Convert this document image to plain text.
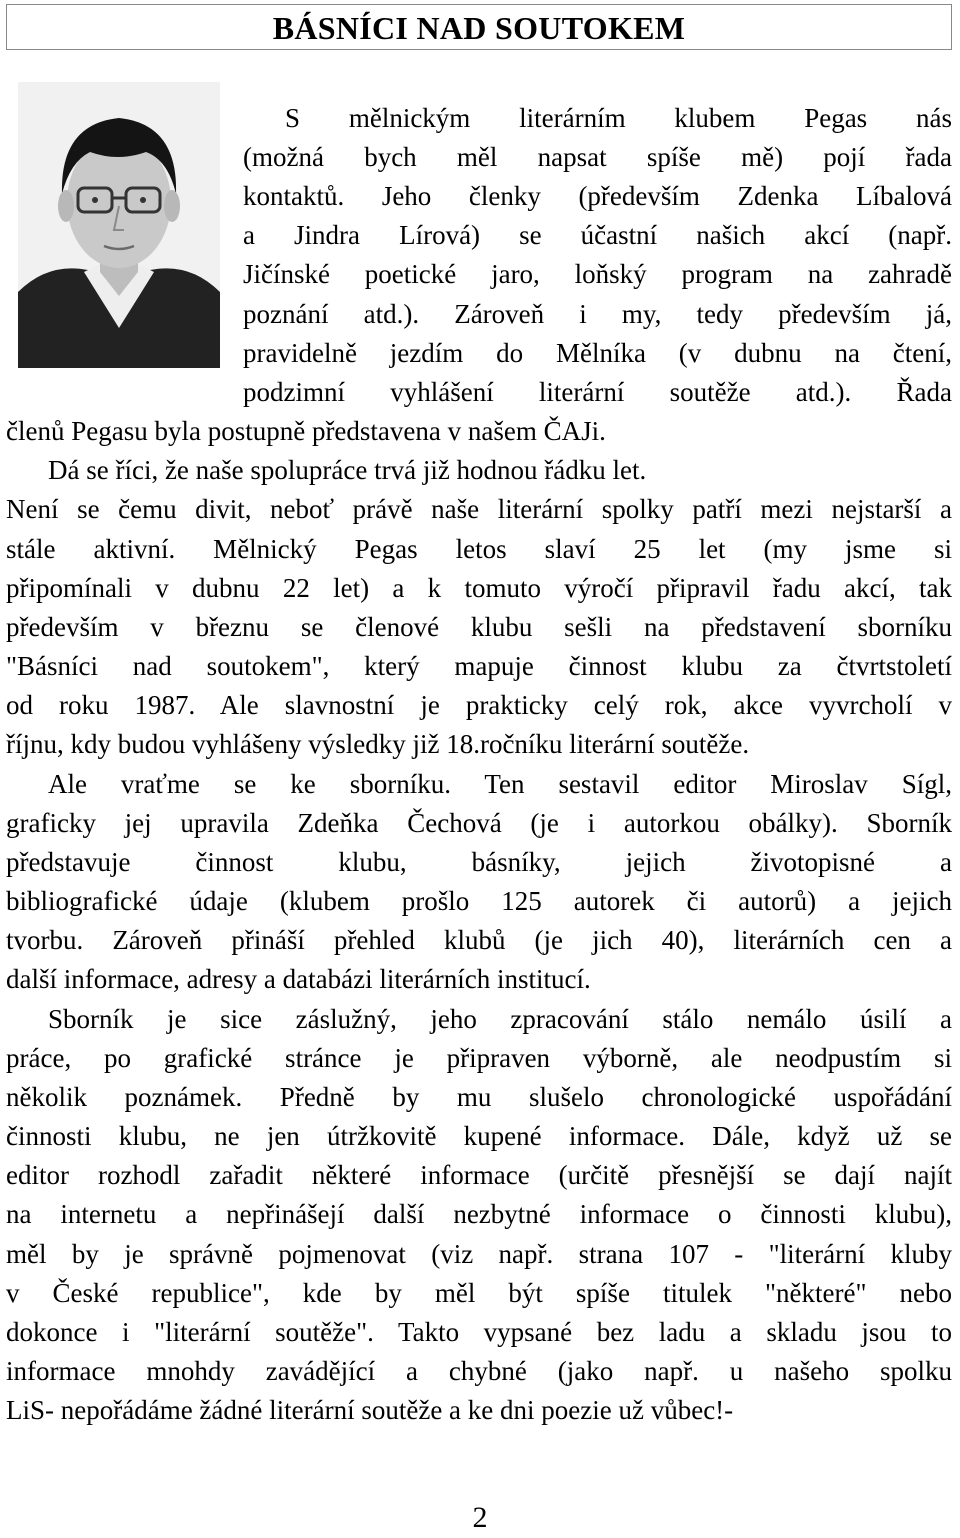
BÁSNÍCI NAD SOUTOKEM
S mělnickým literárním klubem Pegas nás
(možná bych měl napsat spíše mě) pojí řada
kontaktů. Jeho členky (především Zdenka Líbalová
a Jindra Lírová) se účastní našich akcí (např.
Jičínské poetické jaro, loňský program na zahradě
poznání atd.). Zároveň i my, tedy především já,
pravidelně jezdím do Mělníka (v dubnu na čtení,
podzimní vyhlášení literární soutěže atd.). Řada
členů Pegasu byla postupně představena v našem ČAJi.
Dá se říci, že naše spolupráce trvá již hodnou řádku let.
Není se čemu divit, neboť právě naše literární spolky patří mezi nejstarší a
stále aktivní. Mělnický Pegas letos slaví 25 let (my jsme si
připomínali v dubnu 22 let) a k tomuto výročí připravil řadu akcí, tak
především v březnu se členové klubu sešli na představení sborníku
"Básníci nad soutokem", který mapuje činnost klubu za čtvrtstoletí
od roku 1987. Ale slavnostní je prakticky celý rok, akce vyvrcholí v
říjnu, kdy budou vyhlášeny výsledky již 18.ročníku literární soutěže.
Ale vraťme se ke sborníku. Ten sestavil editor Miroslav Sígl,
graficky jej upravila Zdeňka Čechová (je i autorkou obálky). Sborník
představuje činnost klubu, básníky, jejich životopisné a
bibliografické údaje (klubem prošlo 125 autorek či autorů) a jejich
tvorbu. Zároveň přináší přehled klubů (je jich 40), literárních cen a
další informace, adresy a databázi literárních institucí.
Sborník je sice záslužný, jeho zpracování stálo nemálo úsilí a
práce, po grafické stránce je připraven výborně, ale neodpustím si
několik poznámek. Předně by mu slušelo chronologické uspořádání
činnosti klubu, ne jen útržkovitě kupené informace. Dále, když už se
editor rozhodl zařadit některé informace (určitě přesnější se dají najít
na internetu a nepřinášejí další nezbytné informace o činnosti klubu),
měl by je správně pojmenovat (viz např. strana 107 - "literární kluby
v České republice", kde by měl být spíše titulek "některé" nebo
dokonce i "literární soutěže". Takto vypsané bez ladu a skladu jsou to
informace mnohdy zavádějící a chybné (jako např. u našeho spolku
LiS- nepořádáme žádné literární soutěže a ke dni poezie už vůbec!-
2
